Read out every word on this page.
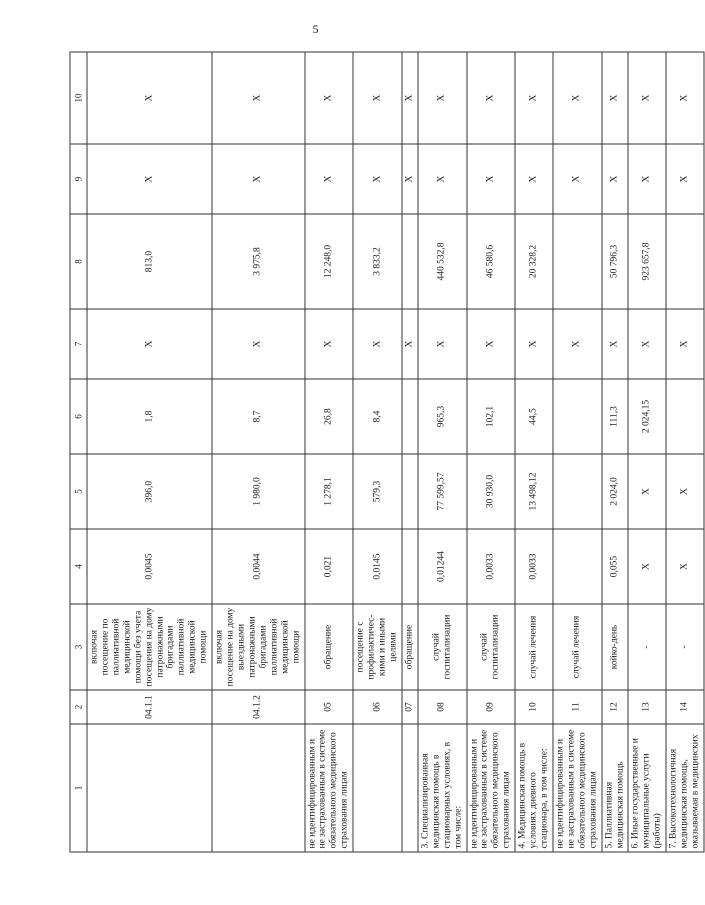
5
1	2	3	4	5	6	7	8	9	10
	04.1.1	включая посещение по паллиативной медицинской помощи без учета посещения на дому патронажными бригадами паллиативной медицинской помощи	0,0045	396,0	1,8	X	813,0	X	X
	04.1.2	включая посещение на дому выездными патронажными бригадами паллиативной медицинской помощи	0,0044	1 980,0	8,7	X	3 975,8	X	X
не идентифицированным и не застрахованным в системе обязательного медицинского страхования лицам	05	обращение	0,021	1 278,1	26,8	X	12 248,0	X	X
	06	посещение с профилактичес-кими и иными целями	0,0145	579,3	8,4	X	3 833,2	X	X
	07	обращение				X		X	X
3. Специализированная медицинская помощь в стационарных условиях, в том числе:	08	случай госпитализации	0,01244	77 599,57	965,3	X	440 532,8	X	X
не идентифицированным и не застрахованным в системе обязательного медицинского страхования лицам	09	случай госпитализации	0,0033	30 930,0	102,1	X	46 580,6	X	X
4. Медицинская помощь в условиях дневного стационара, в том числе:	10	случай лечения	0,0033	13 498,12	44,5	X	20 328,2	X	X
не идентифицированным и не застрахованным в системе обязательного медицинского страхования лицам	11	случай лечения				X		X	X
5. Паллиативная медицинская помощь	12	койко-день	0,055	2 024,0	111,3	X	50 796,3	X	X
6. Иные государственные и муниципальные услуги (работы)	13	-	X	X	2 024,15	X	923 657,8	X	X
7. Высокотехнологичная медицинская помощь, оказываемая в медицинских	14	-	X	X		X		X	X
